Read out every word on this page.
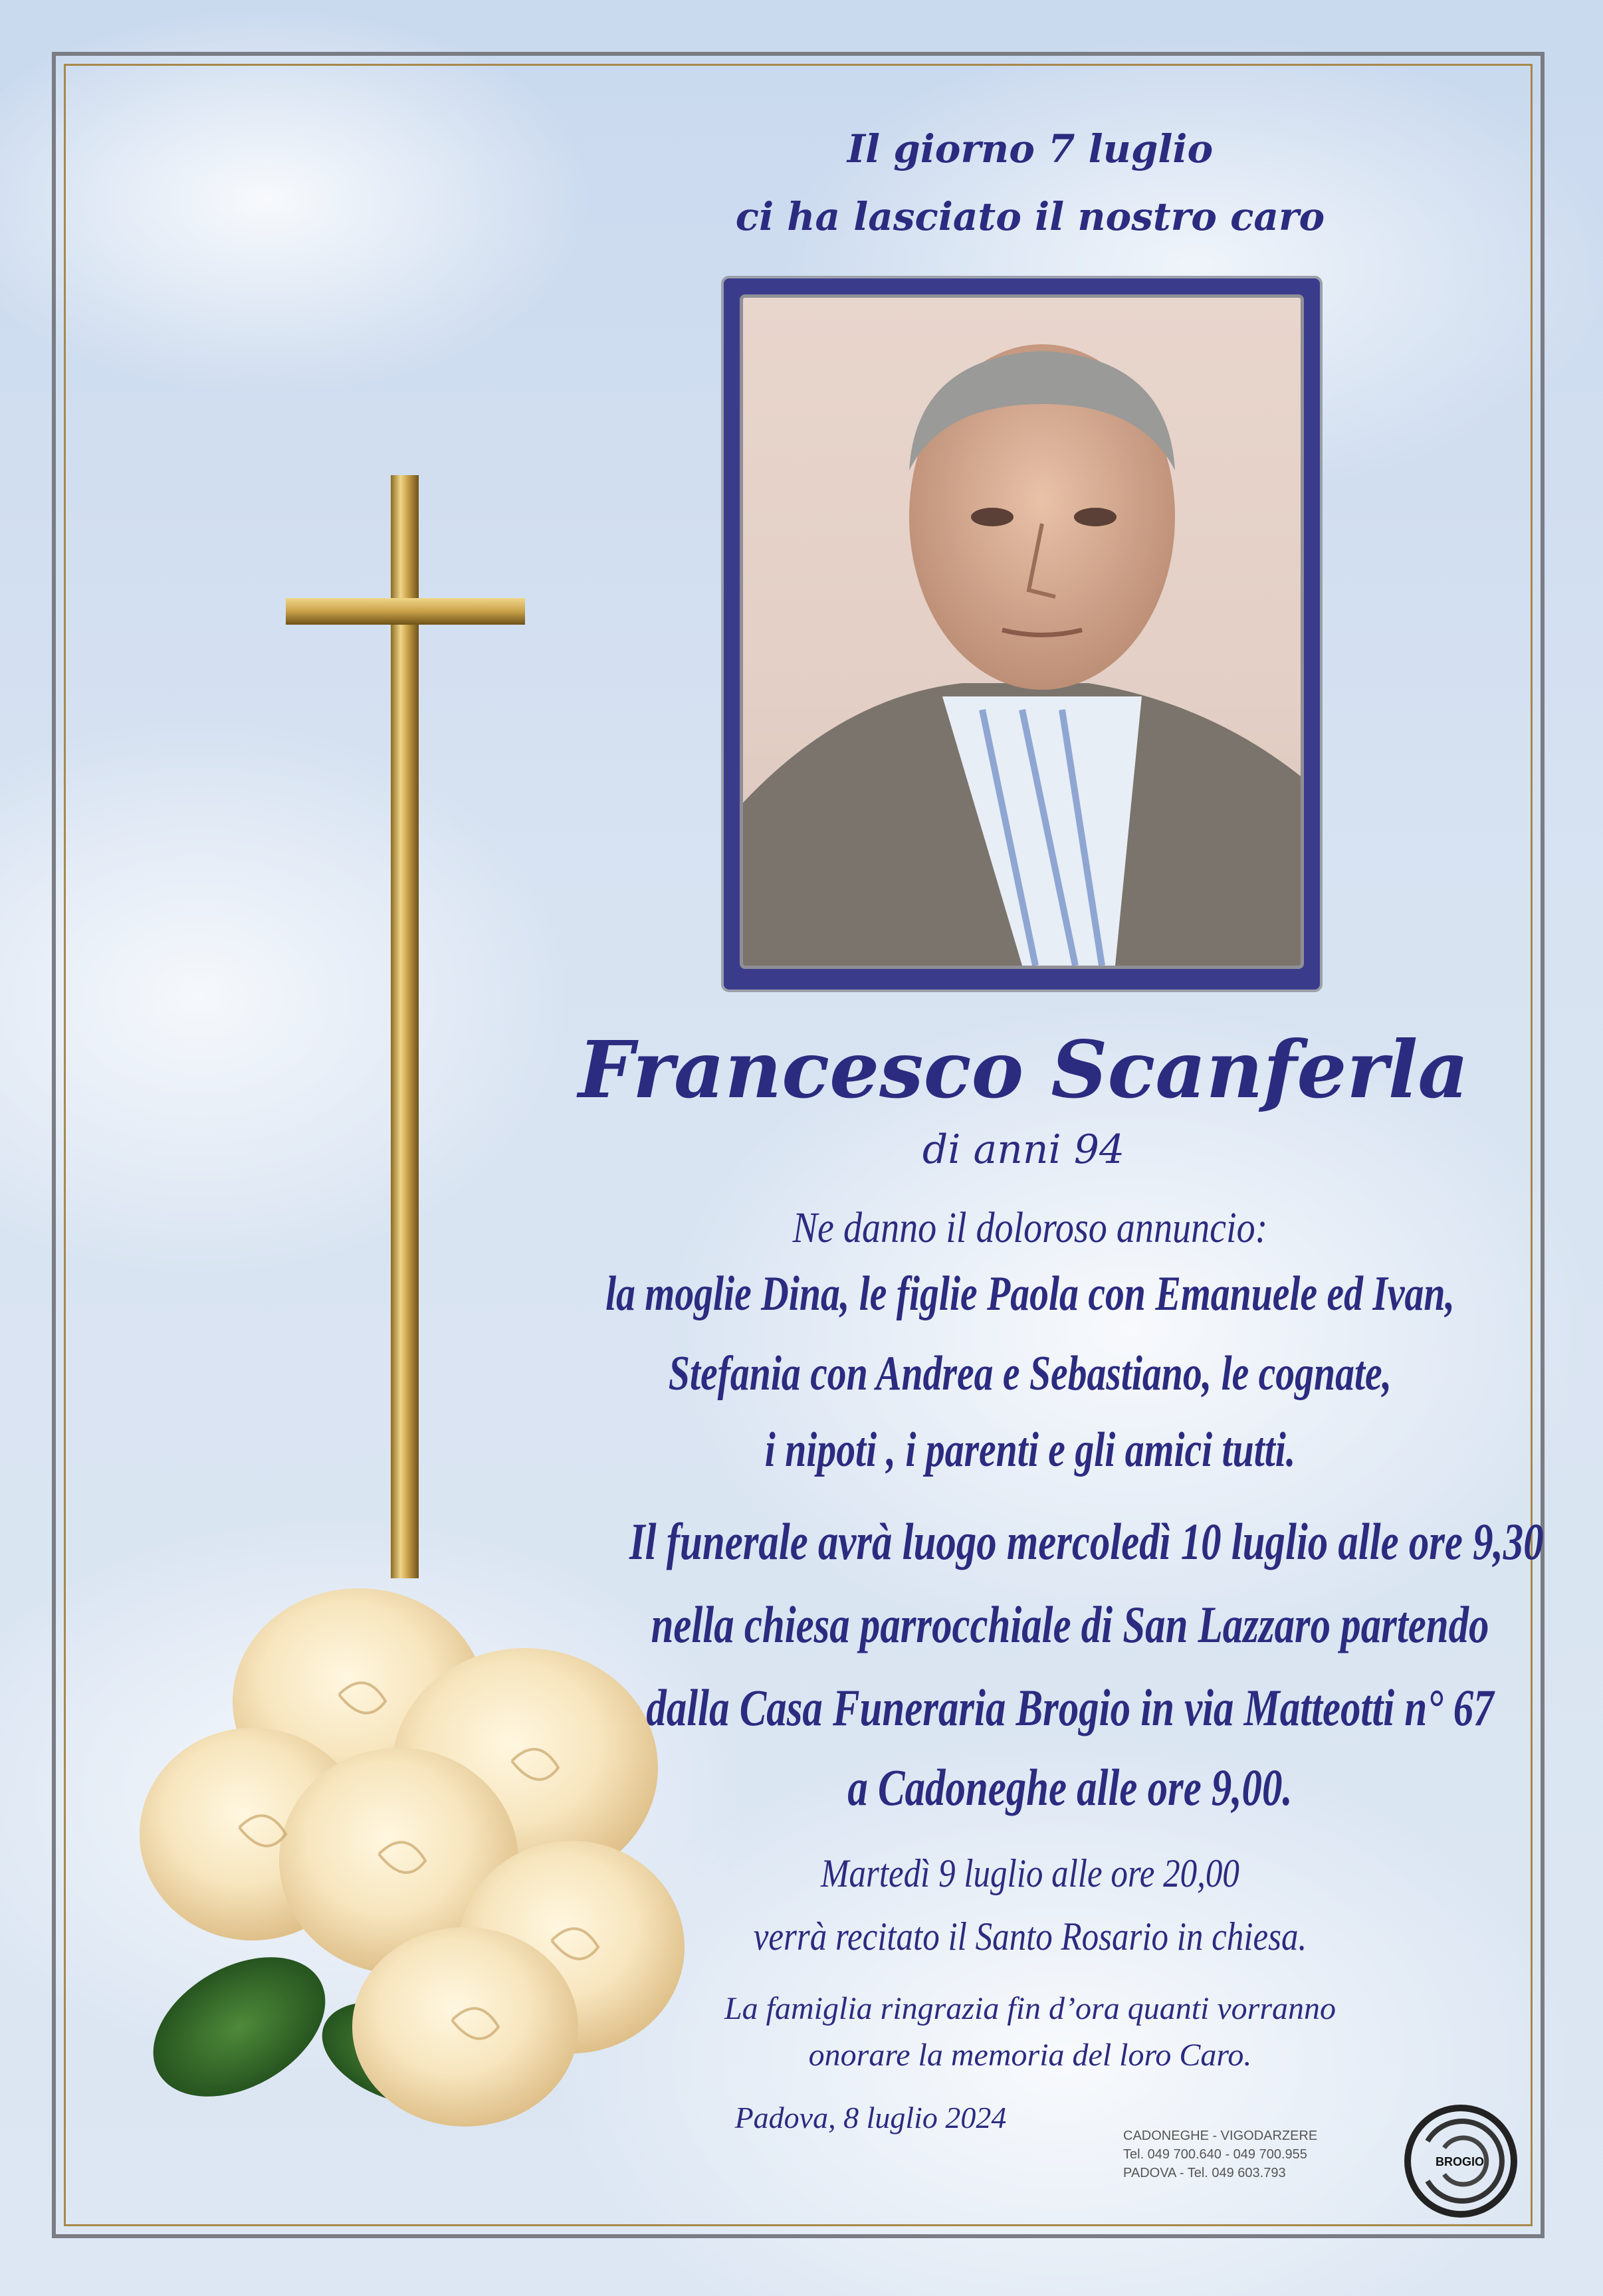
Il giorno 7 luglio
ci ha lasciato il nostro caro
Francesco Scanferla
di anni 94
Ne danno il doloroso annuncio:
la moglie Dina, le figlie Paola con Emanuele ed Ivan,
Stefania con Andrea e Sebastiano, le cognate,
i nipoti , i parenti e gli amici tutti.
Il funerale avrà luogo mercoledì 10 luglio alle ore 9,30
nella chiesa parrocchiale di San Lazzaro partendo
dalla Casa Funeraria Brogio in via Matteotti n° 67
a Cadoneghe alle ore 9,00.
Martedì 9 luglio alle ore 20,00
verrà recitato il Santo Rosario in chiesa.
La famiglia ringrazia fin d’ora quanti vorranno
onorare la memoria del loro Caro.
Padova, 8 luglio 2024
CADONEGHE - VIGODARZERE
Tel. 049 700.640 - 049 700.955
PADOVA - Tel. 049 603.793
BROGIO
